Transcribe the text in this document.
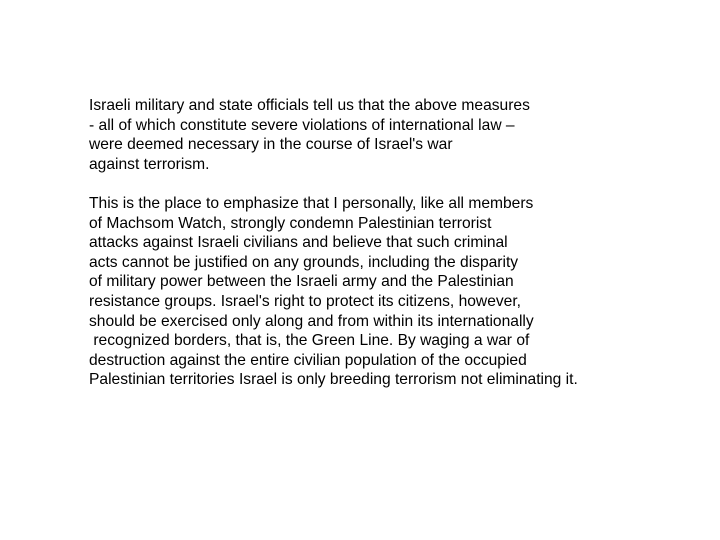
Israeli military and state officials tell us that the above measures
- all of which constitute severe violations of international law –
were deemed necessary in the course of Israel's war
against terrorism.

This is the place to emphasize that I personally, like all members
of Machsom Watch, strongly condemn Palestinian terrorist
attacks against Israeli civilians and believe that such criminal
acts cannot be justified on any grounds, including the disparity
of military power between the Israeli army and the Palestinian
resistance groups. Israel's right to protect its citizens, however,
should be exercised only along and from within its internationally
recognized borders, that is, the Green Line. By waging a war of
destruction against the entire civilian population of the occupied
Palestinian territories Israel is only breeding terrorism not eliminating it.
